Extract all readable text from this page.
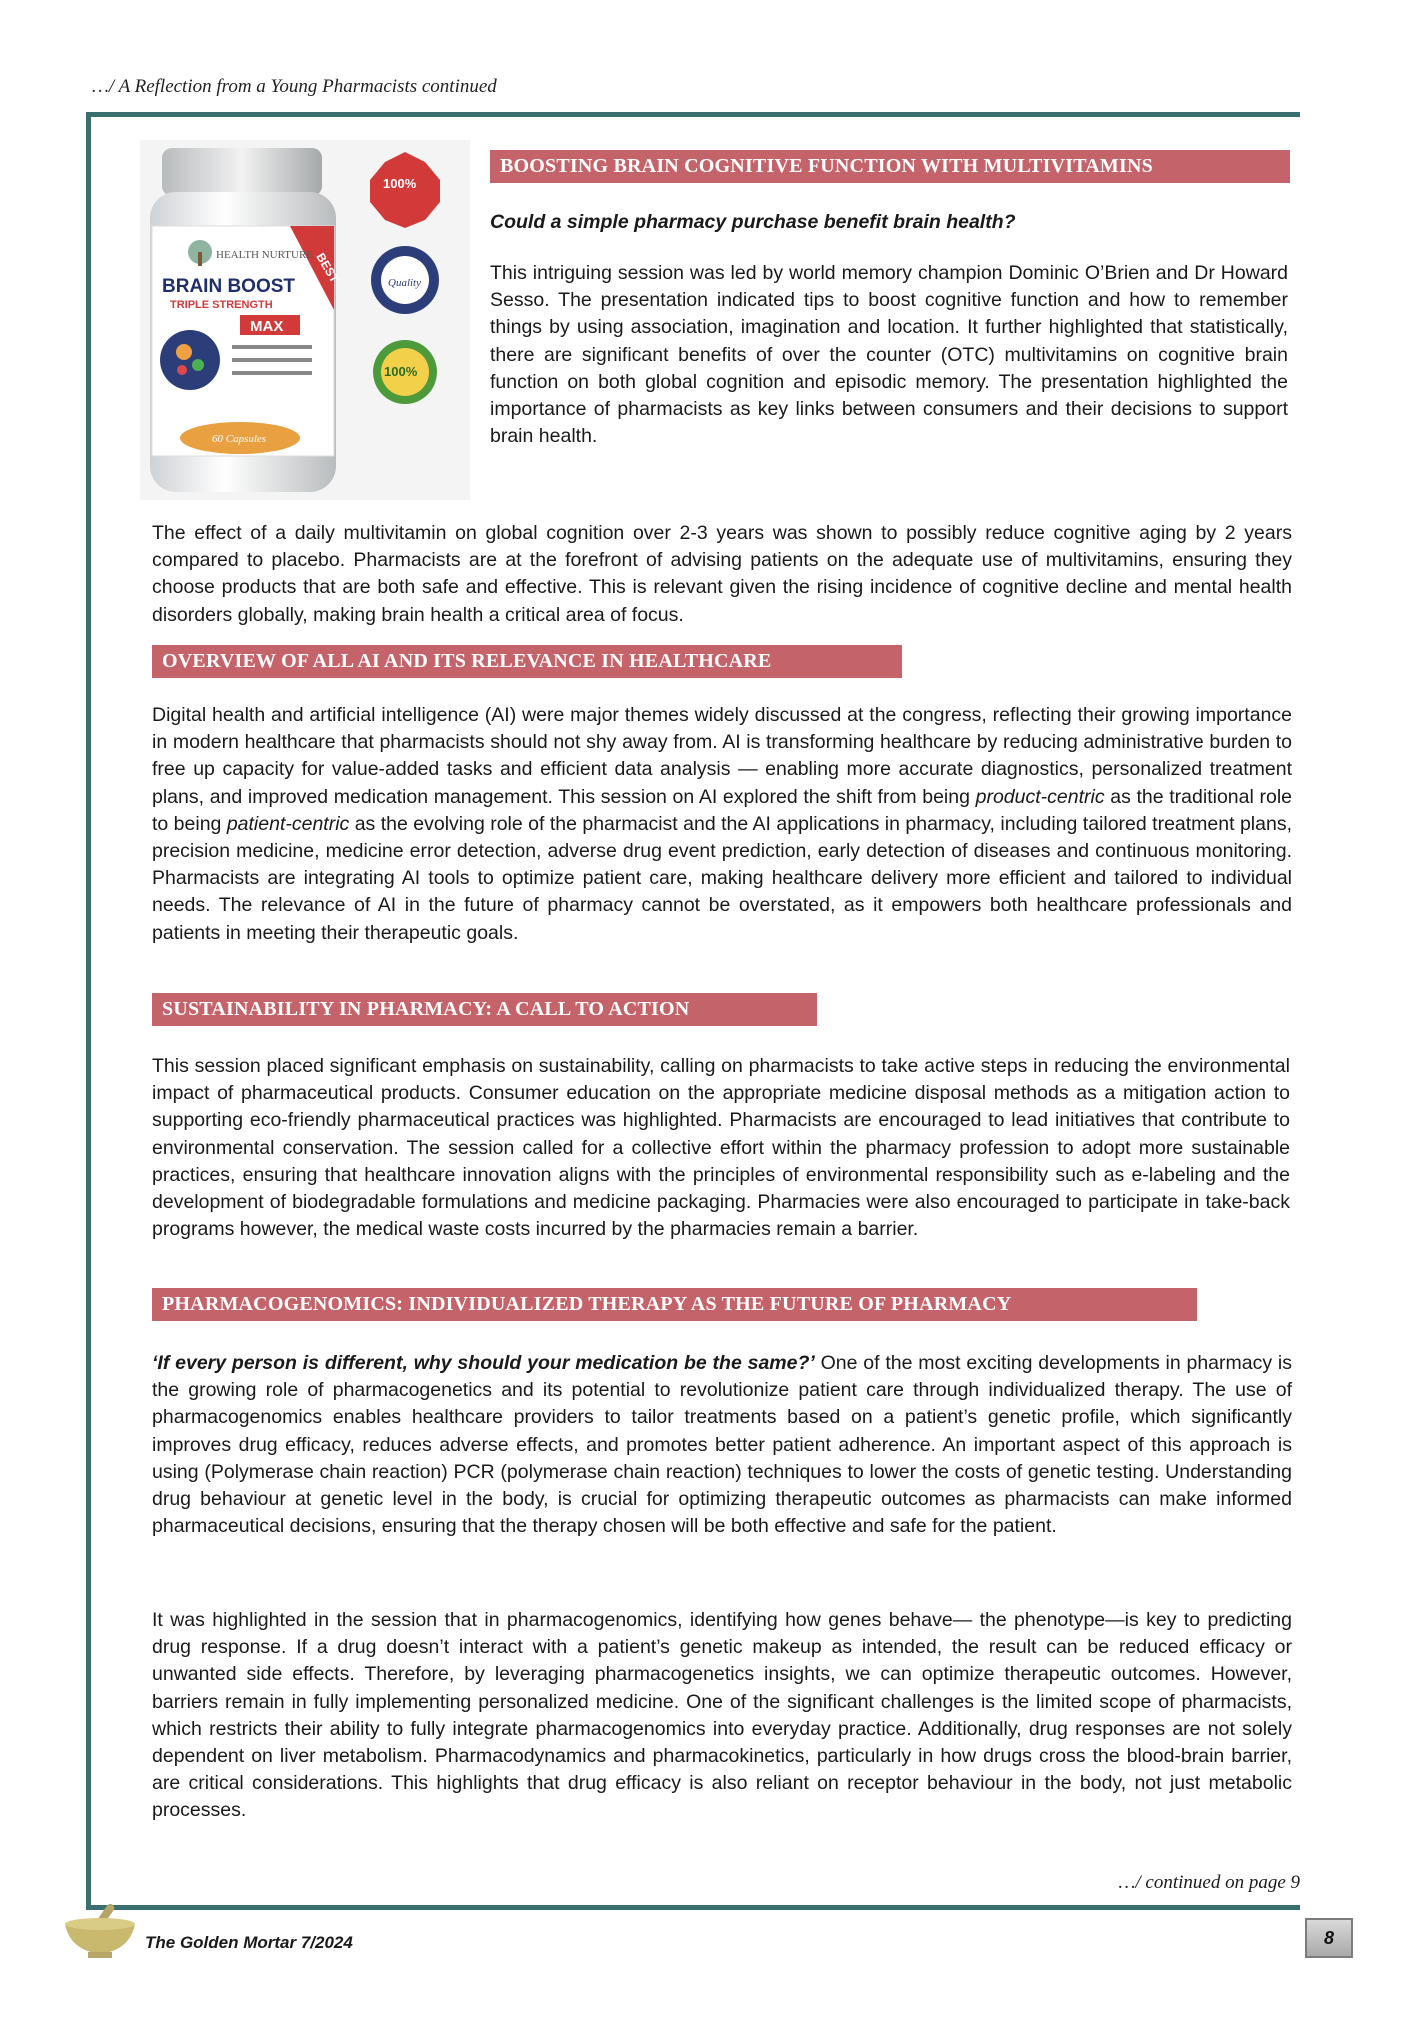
…/ A Reflection from a Young Pharmacists continued
BEST
HEALTH NURTURE
BRAIN BOOST
TRIPLE STRENGTH
MAX
60 Capsules
100%
Quality
100%
BOOSTING BRAIN COGNITIVE FUNCTION WITH MULTIVITAMINS

Could a simple pharmacy purchase benefit brain health?

This intriguing session was led by world memory champion Dominic O’Brien and Dr Howard Sesso. The presentation indicated tips to boost cognitive function and how to remember things by using association, imagination and location. It further highlighted that statistically, there are significant benefits of over the counter (OTC) multivitamins on cognitive brain function on both global cognition and episodic memory. The presentation highlighted the importance of pharmacists as key links between consumers and their decisions to support brain health.

The effect of a daily multivitamin on global cognition over 2-3 years was shown to possibly reduce cognitive aging by 2 years compared to placebo. Pharmacists are at the forefront of advising patients on the adequate use of multivitamins, ensuring they choose products that are both safe and effective. This is relevant given the rising incidence of cognitive decline and mental health disorders globally, making brain health a critical area of focus.

OVERVIEW OF ALL AI AND ITS RELEVANCE IN HEALTHCARE

Digital health and artificial intelligence (AI) were major themes widely discussed at the congress, reflecting their growing importance in modern healthcare that pharmacists should not shy away from. AI is transforming healthcare by reducing administrative burden to free up capacity for value-added tasks and efficient data analysis — enabling more accurate diagnostics, personalized treatment plans, and improved medication management. This session on AI explored the shift from being product-centric as the traditional role to being patient-centric as the evolving role of the pharmacist and the AI applications in pharmacy, including tailored treatment plans, precision medicine, medicine error detection, adverse drug event prediction, early detection of diseases and continuous monitoring. Pharmacists are integrating AI tools to optimize patient care, making healthcare delivery more efficient and tailored to individual needs. The relevance of AI in the future of pharmacy cannot be overstated, as it empowers both healthcare professionals and patients in meeting their therapeutic goals.

SUSTAINABILITY IN PHARMACY: A CALL TO ACTION

This session placed significant emphasis on sustainability, calling on pharmacists to take active steps in reducing the environmental impact of pharmaceutical products. Consumer education on the appropriate medicine disposal methods as a mitigation action to supporting eco-friendly pharmaceutical practices was highlighted. Pharmacists are encouraged to lead initiatives that contribute to environmental conservation. The session called for a collective effort within the pharmacy profession to adopt more sustainable practices, ensuring that healthcare innovation aligns with the principles of environmental responsibility such as e-labeling and the development of biodegradable formulations and medicine packaging. Pharmacies were also encouraged to participate in take-back programs however, the medical waste costs incurred by the pharmacies remain a barrier.

PHARMACOGENOMICS: INDIVIDUALIZED THERAPY AS THE FUTURE OF PHARMACY

‘If every person is different, why should your medication be the same?’ One of the most exciting developments in pharmacy is the growing role of pharmacogenetics and its potential to revolutionize patient care through individualized therapy. The use of pharmacogenomics enables healthcare providers to tailor treatments based on a patient’s genetic profile, which significantly improves drug efficacy, reduces adverse effects, and promotes better patient adherence. An important aspect of this approach is using (Polymerase chain reaction) PCR (polymerase chain reaction) techniques to lower the costs of genetic testing. Understanding drug behaviour at genetic level in the body, is crucial for optimizing therapeutic outcomes as pharmacists can make informed pharmaceutical decisions, ensuring that the therapy chosen will be both effective and safe for the patient.

It was highlighted in the session that in pharmacogenomics, identifying how genes behave— the phenotype—is key to predicting drug response. If a drug doesn’t interact with a patient’s genetic makeup as intended, the result can be reduced efficacy or unwanted side effects. Therefore, by leveraging pharmacogenetics insights, we can optimize therapeutic outcomes. However, barriers remain in fully implementing personalized medicine. One of the significant challenges is the limited scope of pharmacists, which restricts their ability to fully integrate pharmacogenomics into everyday practice. Additionally, drug responses are not solely dependent on liver metabolism. Pharmacodynamics and pharmacokinetics, particularly in how drugs cross the blood-brain barrier, are critical considerations. This highlights that drug efficacy is also reliant on receptor behaviour in the body, not just metabolic processes.

…/ continued on page 9
The Golden Mortar 7/2024	8
